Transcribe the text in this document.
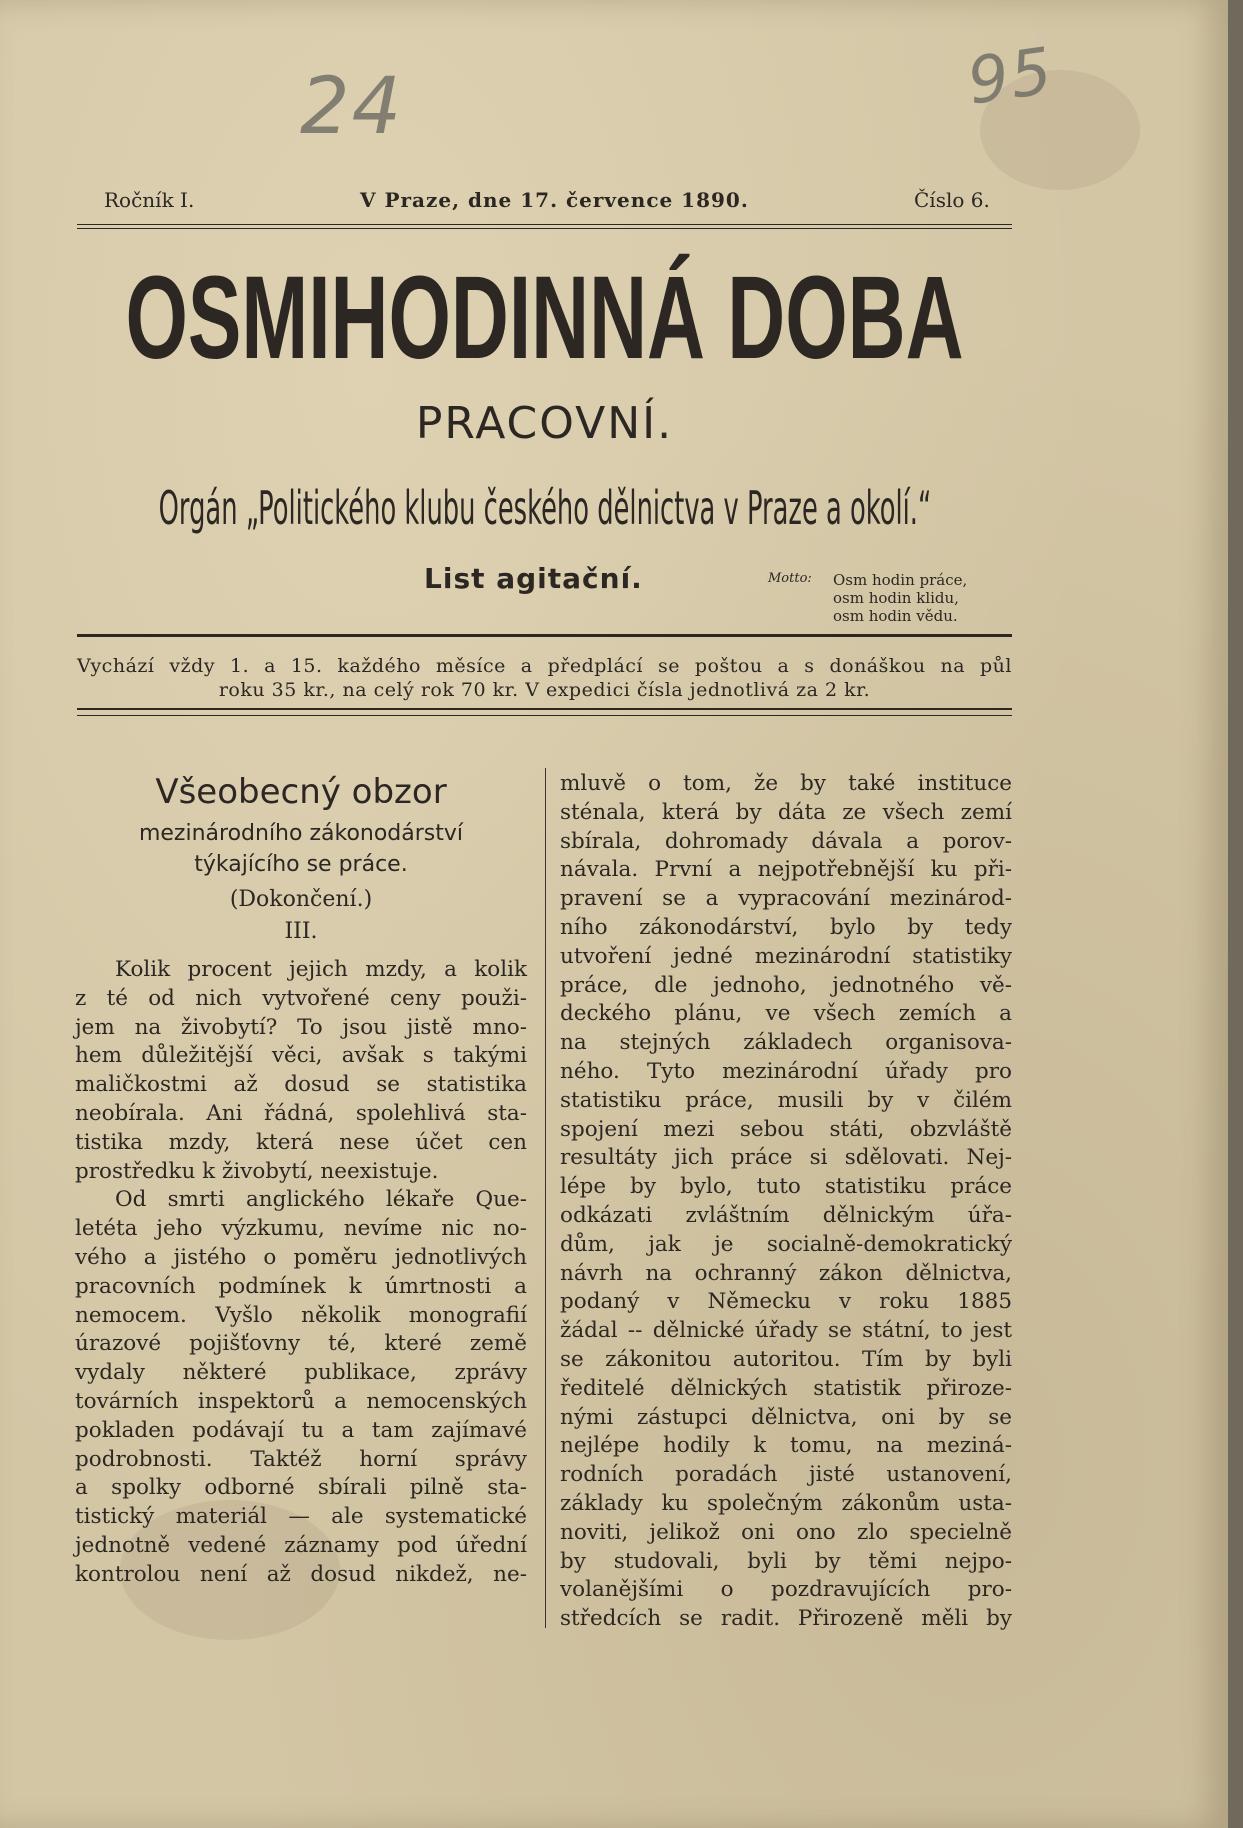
24	95
Ročník I.	V Praze, dne 17. července 1890.	Číslo 6.
OSMIHODINNÁ DOBA
PRACOVNÍ.
Orgán „Politického klubu českého dělnictva v Praze a okolí.“
List agitační.	Motto: Osm hodin práce,
osm hodin klidu,
osm hodin vědu.
Vychází vždy 1. a 15. každého měsíce a předplácí se poštou a s donáškou na půl
roku 35 kr., na celý rok 70 kr. V expedici čísla jednotlivá za 2 kr.
Všeobecný obzor
mezinárodního zákonodárství
týkajícího se práce.
(Dokončení.)
III.
Kolik procent jejich mzdy, a kolik
z té od nich vytvořené ceny použi-
jem na živobytí? To jsou jistě mno-
hem důležitější věci, avšak s takými
maličkostmi až dosud se statistika
neobírala. Ani řádná, spolehlivá sta-
tistika mzdy, která nese účet cen
prostředku k živobytí, neexistuje.
Od smrti anglického lékaře Que-
letéta jeho výzkumu, nevíme nic no-
vého a jistého o poměru jednotlivých
pracovních podmínek k úmrtnosti a
nemocem. Vyšlo několik monografií
úrazové pojišťovny té, které země
vydaly některé publikace, zprávy
továrních inspektorů a nemocenských
pokladen podávají tu a tam zajímavé
podrobnosti. Taktéž horní správy
a spolky odborné sbírali pilně sta-
tistický materiál — ale systematické
jednotně vedené záznamy pod úřední
kontrolou není až dosud nikdež, ne-
mluvě o tom, že by také instituce
sténala, která by dáta ze všech zemí
sbírala, dohromady dávala a porov-
návala. První a nejpotřebnější ku při-
pravení se a vypracování mezinárod-
ního zákonodárství, bylo by tedy
utvoření jedné mezinárodní statistiky
práce, dle jednoho, jednotného vě-
deckého plánu, ve všech zemích a
na stejných základech organisova-
ného. Tyto mezinárodní úřady pro
statistiku práce, musili by v čilém
spojení mezi sebou státi, obzvláště
resultáty jich práce si sdělovati. Nej-
lépe by bylo, tuto statistiku práce
odkázati zvláštním dělnickým úřa-
dům, jak je socialně-demokratický
návrh na ochranný zákon dělnictva,
podaný v Německu v roku 1885
žádal -- dělnické úřady se státní, to jest
se zákonitou autoritou. Tím by byli
ředitelé dělnických statistik přiroze-
nými zástupci dělnictva, oni by se
nejlépe hodily k tomu, na meziná-
rodních poradách jisté ustanovení,
základy ku společným zákonům usta-
noviti, jelikož oni ono zlo specielně
by studovali, byli by těmi nejpo-
volanějšími o pozdravujících pro-
středcích se radit. Přirozeně měli by
